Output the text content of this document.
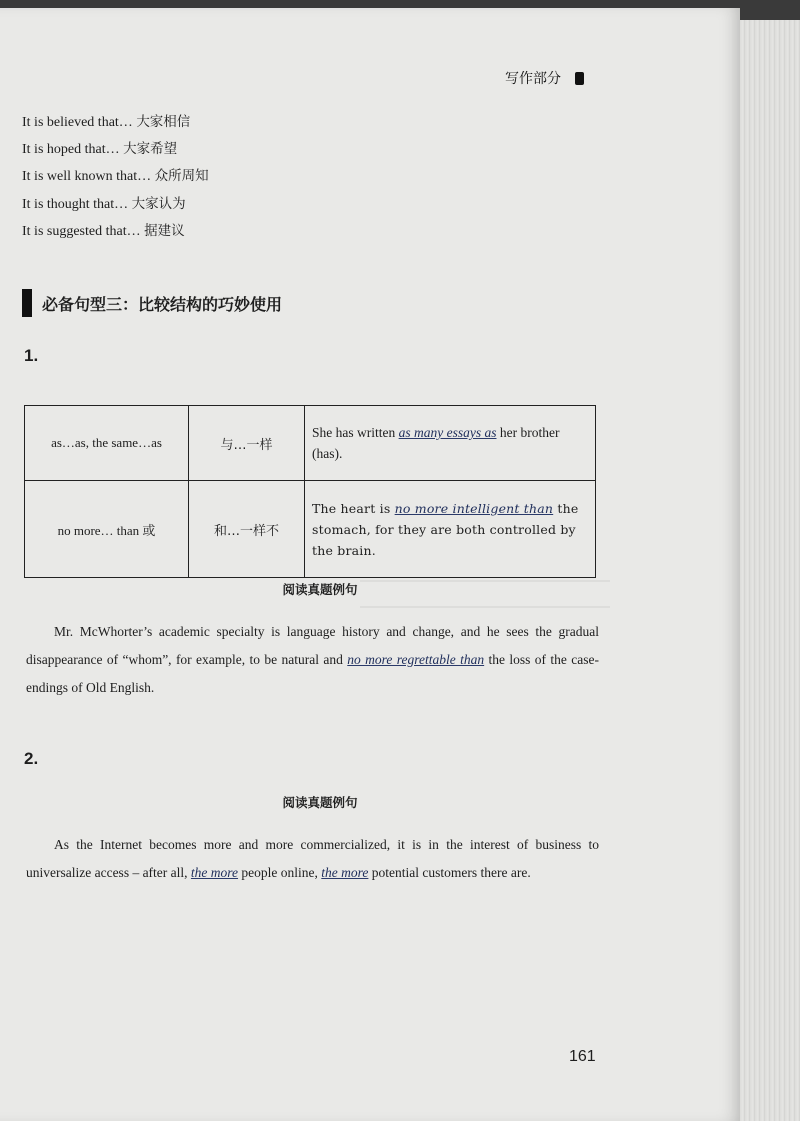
写作部分
It is believed that… 大家相信
It is hoped that… 大家希望
It is well known that… 众所周知
It is thought that… 大家认为
It is suggested that… 据建议
必备句型三：比较结构的巧妙使用
1.
as…as, the same…as	与…一样	She has written as many essays as her brother (has).
no more… than 或	和…一样不	The heart is no more intelligent than the stomach, for they are both controlled by the brain.
阅读真题例句
Mr. McWhorter’s academic specialty is language history and change, and he sees the gradual disappearance of “whom”, for example, to be natural and no more regrettable than the loss of the case-endings of Old English.
2.
阅读真题例句
As the Internet becomes more and more commercialized, it is in the interest of business to universalize access – after all, the more people online, the more potential customers there are.
161
